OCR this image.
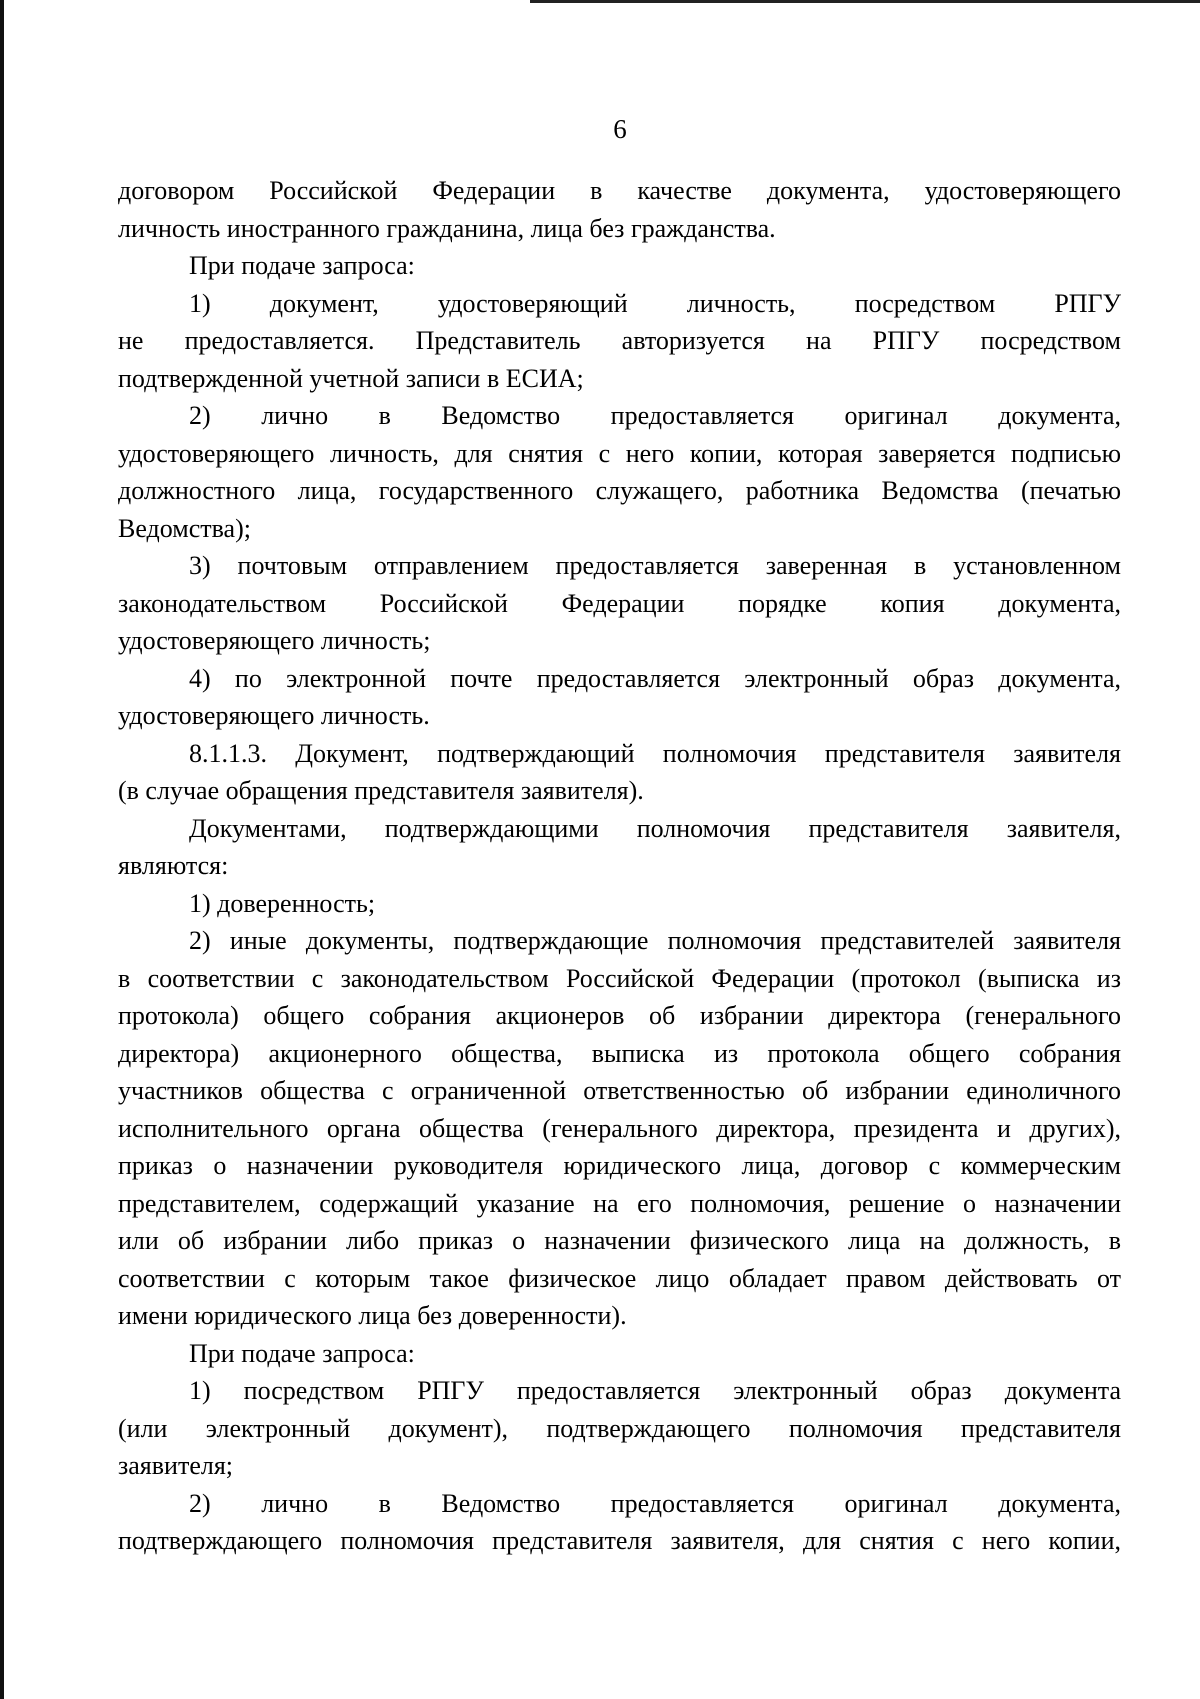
6
договором Российской Федерации в качестве документа, удостоверяющего
личность иностранного гражданина, лица без гражданства.
При подаче запроса:
1) документ, удостоверяющий личность, посредством РПГУ
не предоставляется. Представитель авторизуется на РПГУ посредством
подтвержденной учетной записи в ЕСИА;
2) лично в Ведомство предоставляется оригинал документа,
удостоверяющего личность, для снятия с него копии, которая заверяется подписью
должностного лица, государственного служащего, работника Ведомства (печатью
Ведомства);
3) почтовым отправлением предоставляется заверенная в установленном
законодательством Российской Федерации порядке копия документа,
удостоверяющего личность;
4) по электронной почте предоставляется электронный образ документа,
удостоверяющего личность.
8.1.1.3. Документ, подтверждающий полномочия представителя заявителя
(в случае обращения представителя заявителя).
Документами, подтверждающими полномочия представителя заявителя,
являются:
1) доверенность;
2) иные документы, подтверждающие полномочия представителей заявителя
в соответствии с законодательством Российской Федерации (протокол (выписка из
протокола) общего собрания акционеров об избрании директора (генерального
директора) акционерного общества, выписка из протокола общего собрания
участников общества с ограниченной ответственностью об избрании единоличного
исполнительного органа общества (генерального директора, президента и других),
приказ о назначении руководителя юридического лица, договор с коммерческим
представителем, содержащий указание на его полномочия, решение о назначении
или об избрании либо приказ о назначении физического лица на должность, в
соответствии с которым такое физическое лицо обладает правом действовать от
имени юридического лица без доверенности).
При подаче запроса:
1) посредством РПГУ предоставляется электронный образ документа
(или электронный документ), подтверждающего полномочия представителя
заявителя;
2) лично в Ведомство предоставляется оригинал документа,
подтверждающего полномочия представителя заявителя, для снятия с него копии,
